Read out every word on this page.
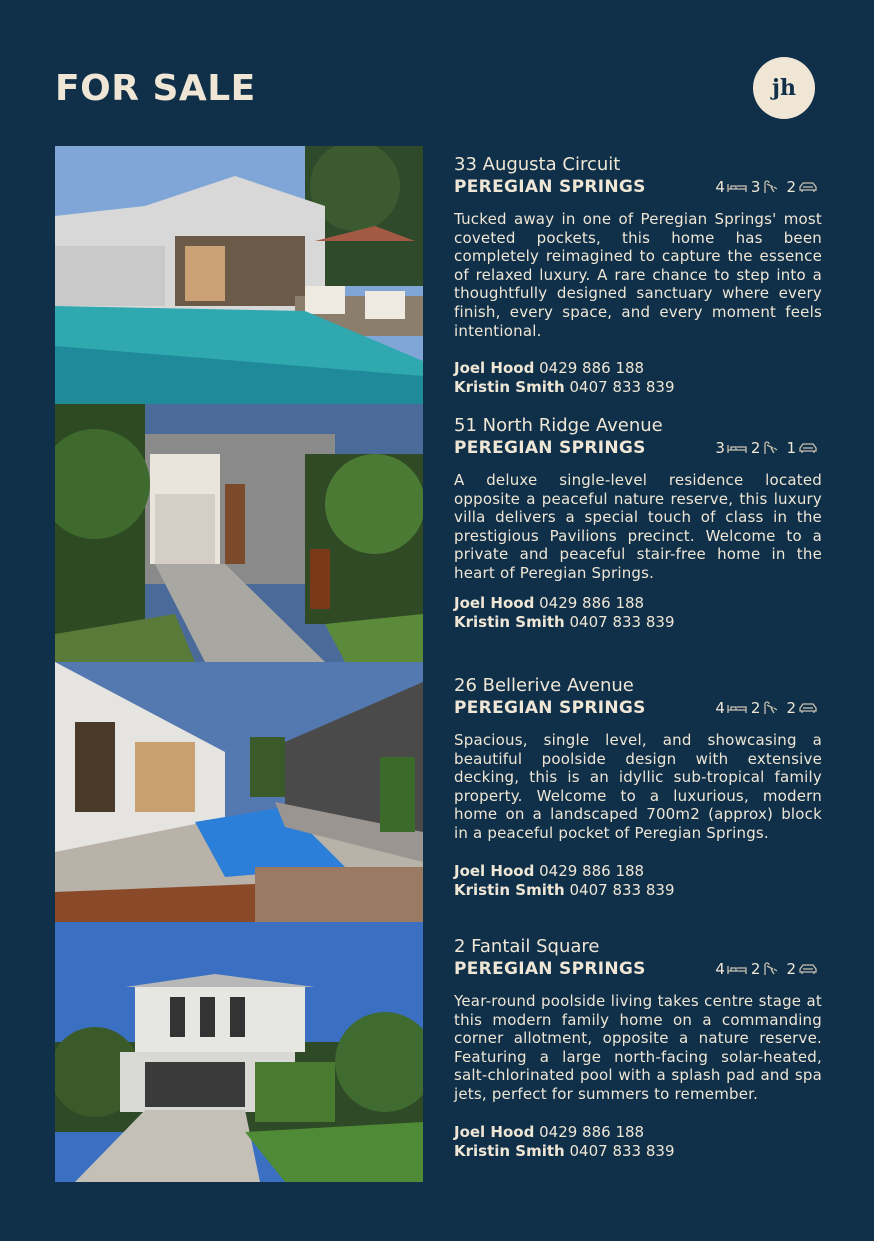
FOR SALE	jh
33 Augusta Circuit
PEREGIAN SPRINGS	4 3 2
Tucked away in one of Peregian Springs' most coveted pockets, this home has been completely reimagined to capture the essence of relaxed luxury. A rare chance to step into a thoughtfully designed sanctuary where every finish, every space, and every moment feels intentional.
Joel Hood 0429 886 188
Kristin Smith 0407 833 839
51 North Ridge Avenue
PEREGIAN SPRINGS	3 2 1
A deluxe single-level residence located opposite a peaceful nature reserve, this luxury villa delivers a special touch of class in the prestigious Pavilions precinct. Welcome to a private and peaceful stair-free home in the heart of Peregian Springs.
Joel Hood 0429 886 188
Kristin Smith 0407 833 839
26 Bellerive Avenue
PEREGIAN SPRINGS	4 2 2
Spacious, single level, and showcasing a beautiful poolside design with extensive decking, this is an idyllic sub-tropical family property. Welcome to a luxurious, modern home on a landscaped 700m2 (approx) block in a peaceful pocket of Peregian Springs.
Joel Hood 0429 886 188
Kristin Smith 0407 833 839
2 Fantail Square
PEREGIAN SPRINGS	4 2 2
Year-round poolside living takes centre stage at this modern family home on a commanding corner allotment, opposite a nature reserve. Featuring a large north-facing solar-heated, salt-chlorinated pool with a splash pad and spa jets, perfect for summers to remember.
Joel Hood 0429 886 188
Kristin Smith 0407 833 839
